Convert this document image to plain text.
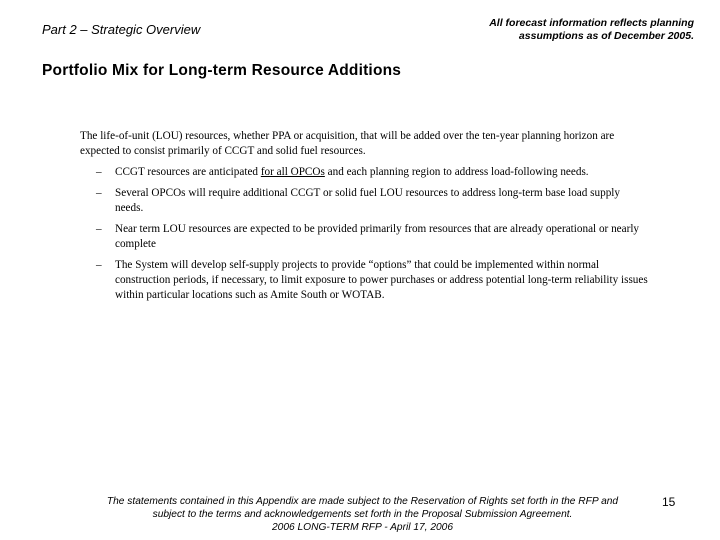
Part 2 – Strategic Overview	All forecast information reflects planning
assumptions as of December 2005.
Portfolio Mix for Long-term Resource Additions

The life-of-unit (LOU) resources, whether PPA or acquisition, that will be added over the ten-year planning horizon are expected to consist primarily of CCGT and solid fuel resources.

– CCGT resources are anticipated for all OPCOs and each planning region to address load-following needs.
– Several OPCOs will require additional CCGT or solid fuel LOU resources to address long-term base load supply needs.
– Near term LOU resources are expected to be provided primarily from resources that are already operational or nearly complete
– The System will develop self-supply projects to provide “options” that could be implemented within normal construction periods, if necessary, to limit exposure to power purchases or address potential long-term reliability issues within particular locations such as Amite South or WOTAB.
The statements contained in this Appendix are made subject to the Reservation of Rights set forth in the RFP and
subject to the terms and acknowledgements set forth in the Proposal Submission Agreement.
2006 LONG-TERM RFP - April 17, 2006
15
